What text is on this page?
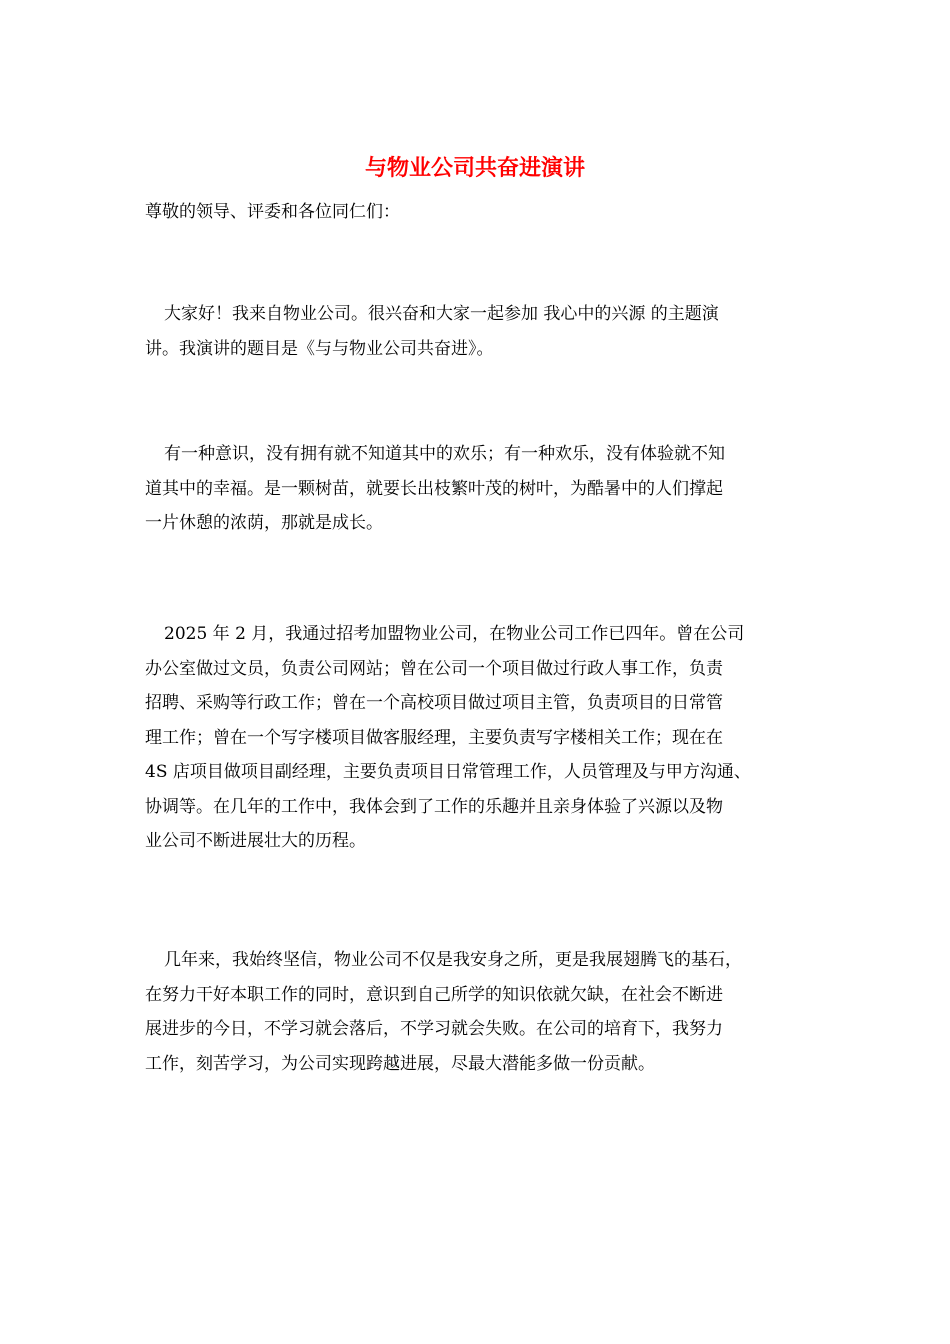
与物业公司共奋进演讲
尊敬的领导、评委和各位同仁们：
大家好！我来自物业公司。很兴奋和大家一起参加 我心中的兴源 的主题演
讲。我演讲的题目是《与与物业公司共奋进》。
有一种意识，没有拥有就不知道其中的欢乐；有一种欢乐，没有体验就不知
道其中的幸福。是一颗树苗，就要长出枝繁叶茂的树叶，为酷暑中的人们撑起
一片休憩的浓荫，那就是成长。
2025 年 2 月，我通过招考加盟物业公司，在物业公司工作已四年。曾在公司
办公室做过文员，负责公司网站；曾在公司一个项目做过行政人事工作，负责
招聘、采购等行政工作；曾在一个高校项目做过项目主管，负责项目的日常管
理工作；曾在一个写字楼项目做客服经理，主要负责写字楼相关工作；现在在
4S 店项目做项目副经理，主要负责项目日常管理工作，人员管理及与甲方沟通、
协调等。在几年的工作中，我体会到了工作的乐趣并且亲身体验了兴源以及物
业公司不断进展壮大的历程。
几年来，我始终坚信，物业公司不仅是我安身之所，更是我展翅腾飞的基石，
在努力干好本职工作的同时，意识到自己所学的知识依就欠缺，在社会不断进
展进步的今日，不学习就会落后，不学习就会失败。在公司的培育下，我努力
工作，刻苦学习，为公司实现跨越进展，尽最大潜能多做一份贡献。
